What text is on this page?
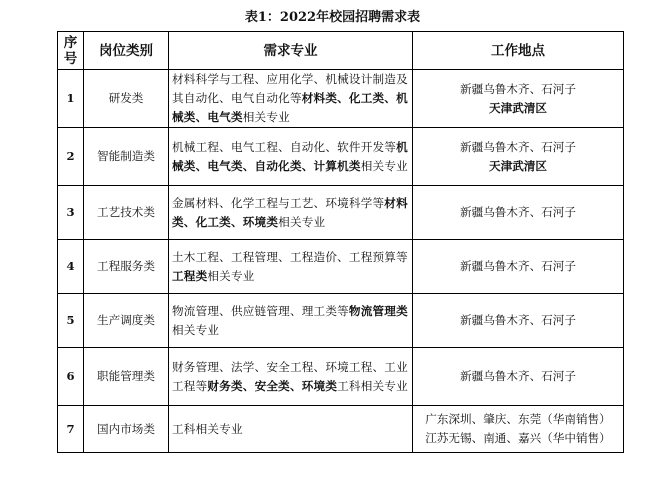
表1：2022年校园招聘需求表
序
号	岗位类别	需求专业	工作地点
1	研发类	材料科学与工程、应用化学、机械设计制造及其自动化、电气自动化等材料类、化工类、机械类、电气类相关专业	新疆乌鲁木齐、石河子
天津武清区

2	智能制造类	机械工程、电气工程、自动化、软件开发等机械类、电气类、自动化类、计算机类相关专业	新疆乌鲁木齐、石河子
天津武清区

3	工艺技术类	金属材料、化学工程与工艺、环境科学等材料类、化工类、环境类相关专业	新疆乌鲁木齐、石河子

4	工程服务类	土木工程、工程管理、工程造价、工程预算等工程类相关专业	新疆乌鲁木齐、石河子

5	生产调度类	物流管理、供应链管理、理工类等物流管理类相关专业	新疆乌鲁木齐、石河子

6	职能管理类	财务管理、法学、安全工程、环境工程、工业工程等财务类、安全类、环境类工科相关专业	新疆乌鲁木齐、石河子

7	国内市场类	工科相关专业	广东深圳、肇庆、东莞（华南销售）
江苏无锡、南通、嘉兴（华中销售）
